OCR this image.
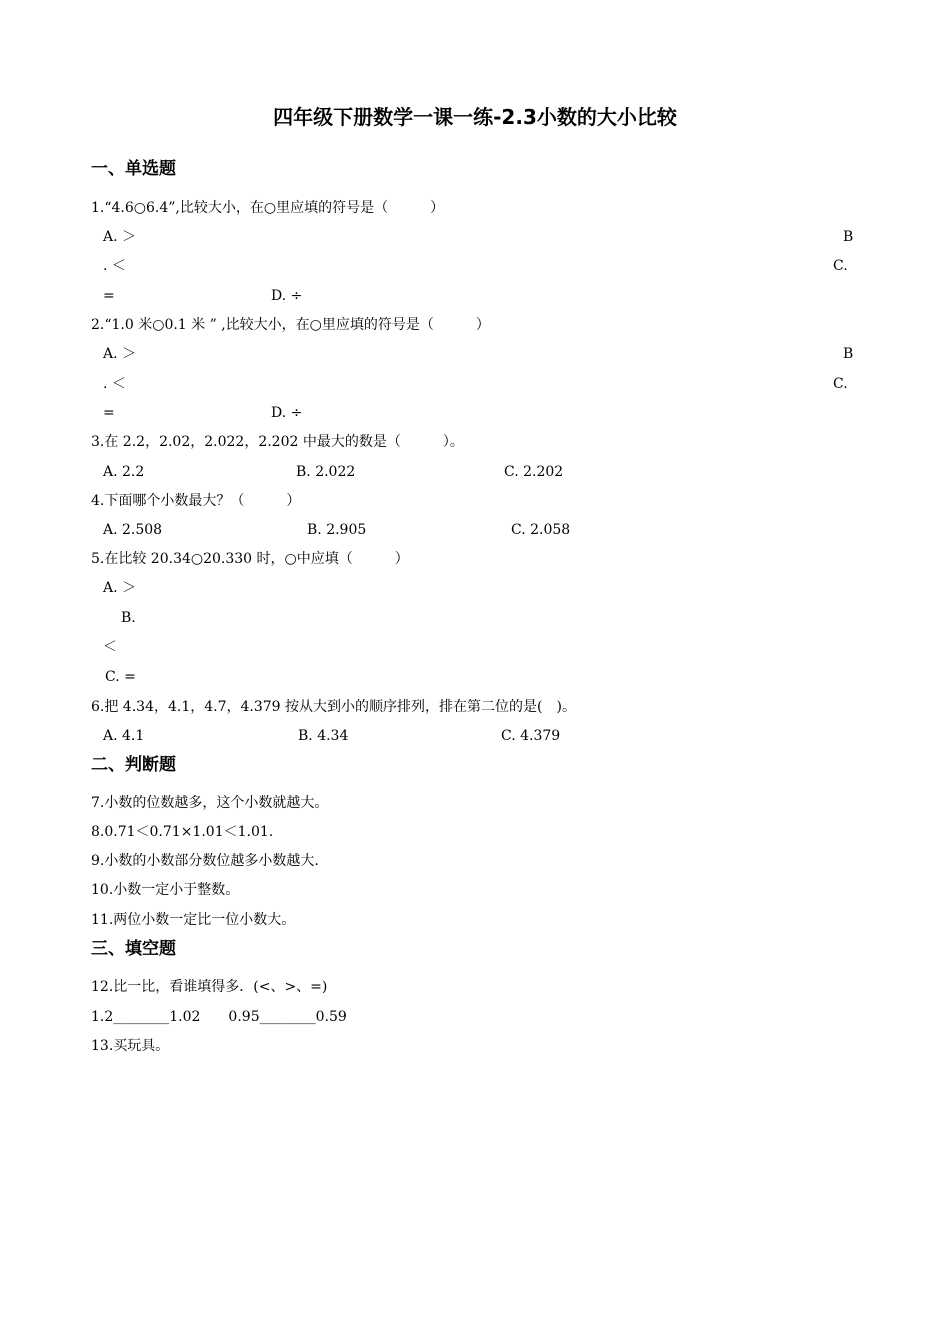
四年级下册数学一课一练-2.3小数的大小比较
一、单选题
1.“4.6○6.4”,比较大小，在○里应填的符号是（　　　）
A. ＞	B
. ＜	C.
=	D. ÷
2.“1.0 米○0.1 米 ” ,比较大小，在○里应填的符号是（　　　）
A. ＞	B
. ＜	C.
=	D. ÷
3.在 2.2，2.02，2.022，2.202 中最大的数是（　　　）。
A. 2.2	B. 2.022	C. 2.202
4.下面哪个小数最大？（　　　）
A. 2.508	B. 2.905	C. 2.058
5.在比较 20.34○20.330 时，○中应填（　　　）
A. ＞
B.
＜
C. =
6.把 4.34，4.1，4.7，4.379 按从大到小的顺序排列，排在第二位的是(　)。
A. 4.1	B. 4.34	C. 4.379
二、判断题
7.小数的位数越多，这个小数就越大。
8.0.71＜0.71×1.01＜1.01.
9.小数的小数部分数位越多小数越大.
10.小数一定小于整数。
11.两位小数一定比一位小数大。
三、填空题
12.比一比，看谁填得多．(<、>、=)
1.2________1.02　　0.95________0.59
13.买玩具。
